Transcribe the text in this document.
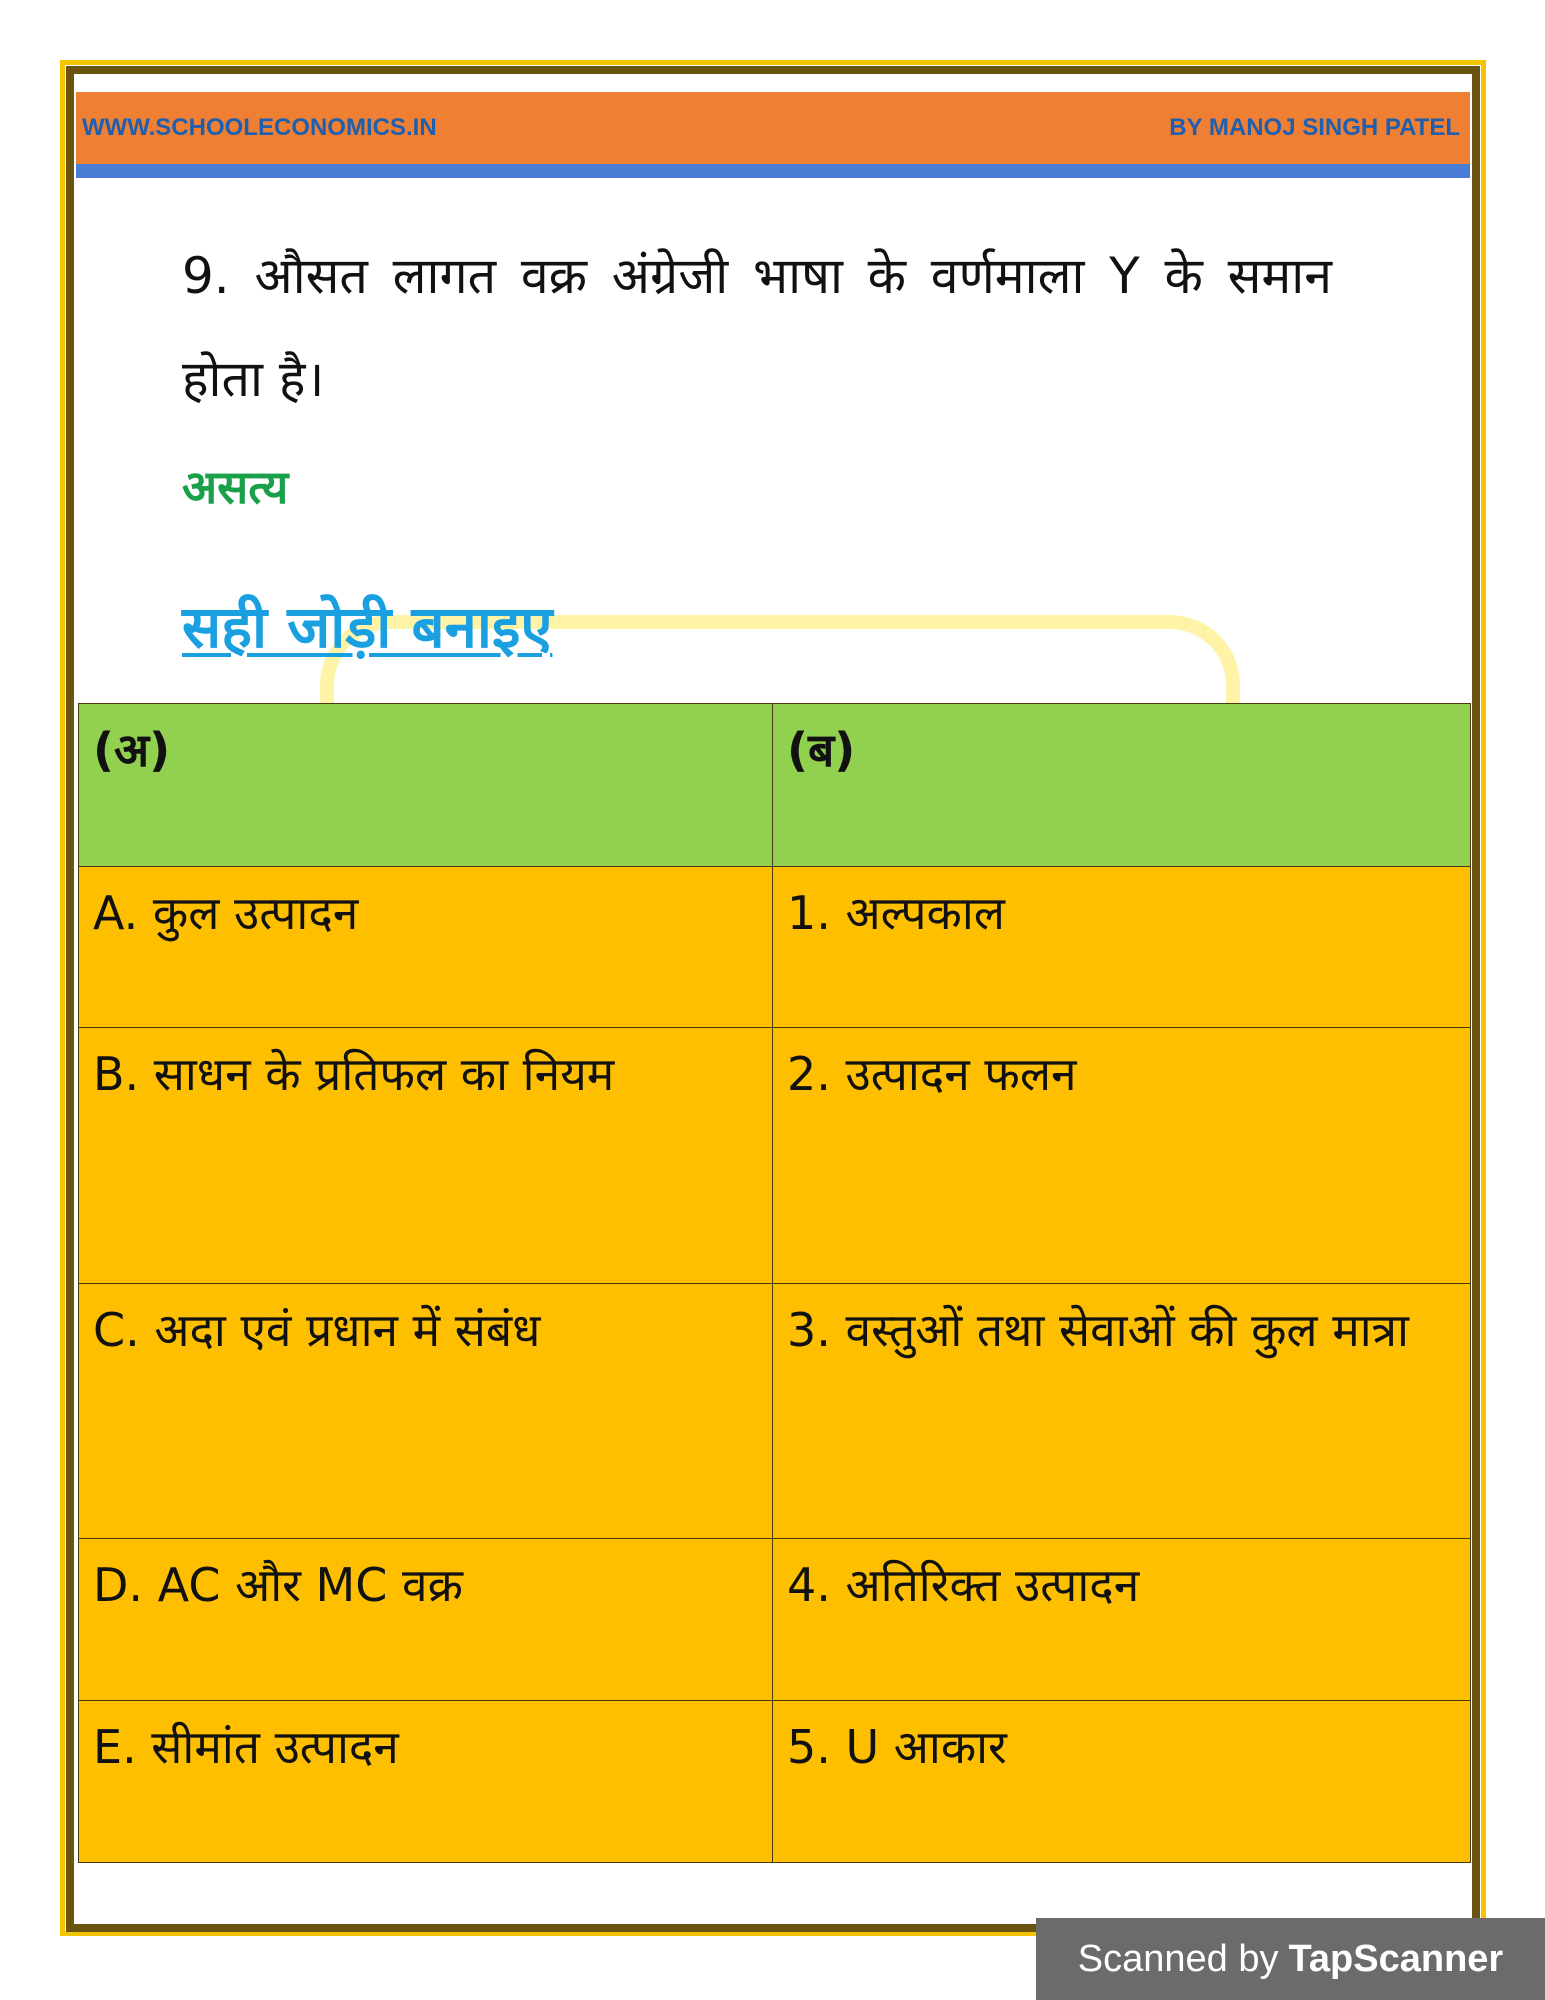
WWW.SCHOOLECONOMICS.IN	BY MANOJ SINGH PATEL
9. औसत लागत वक्र अंग्रेजी भाषा के वर्णमाला Y के समान होता है।
असत्य
सही जोड़ी बनाइए
(अ)	(ब)
A. कुल उत्पादन	1. अल्पकाल
B. साधन के प्रतिफल का नियम	2. उत्पादन फलन
C. अदा एवं प्रधान में संबंध	3. वस्तुओं तथा सेवाओं की कुल मात्रा
D. AC और MC वक्र	4. अतिरिक्त उत्पादन
E. सीमांत उत्पादन	5. U आकार
Scanned by TapScanner
